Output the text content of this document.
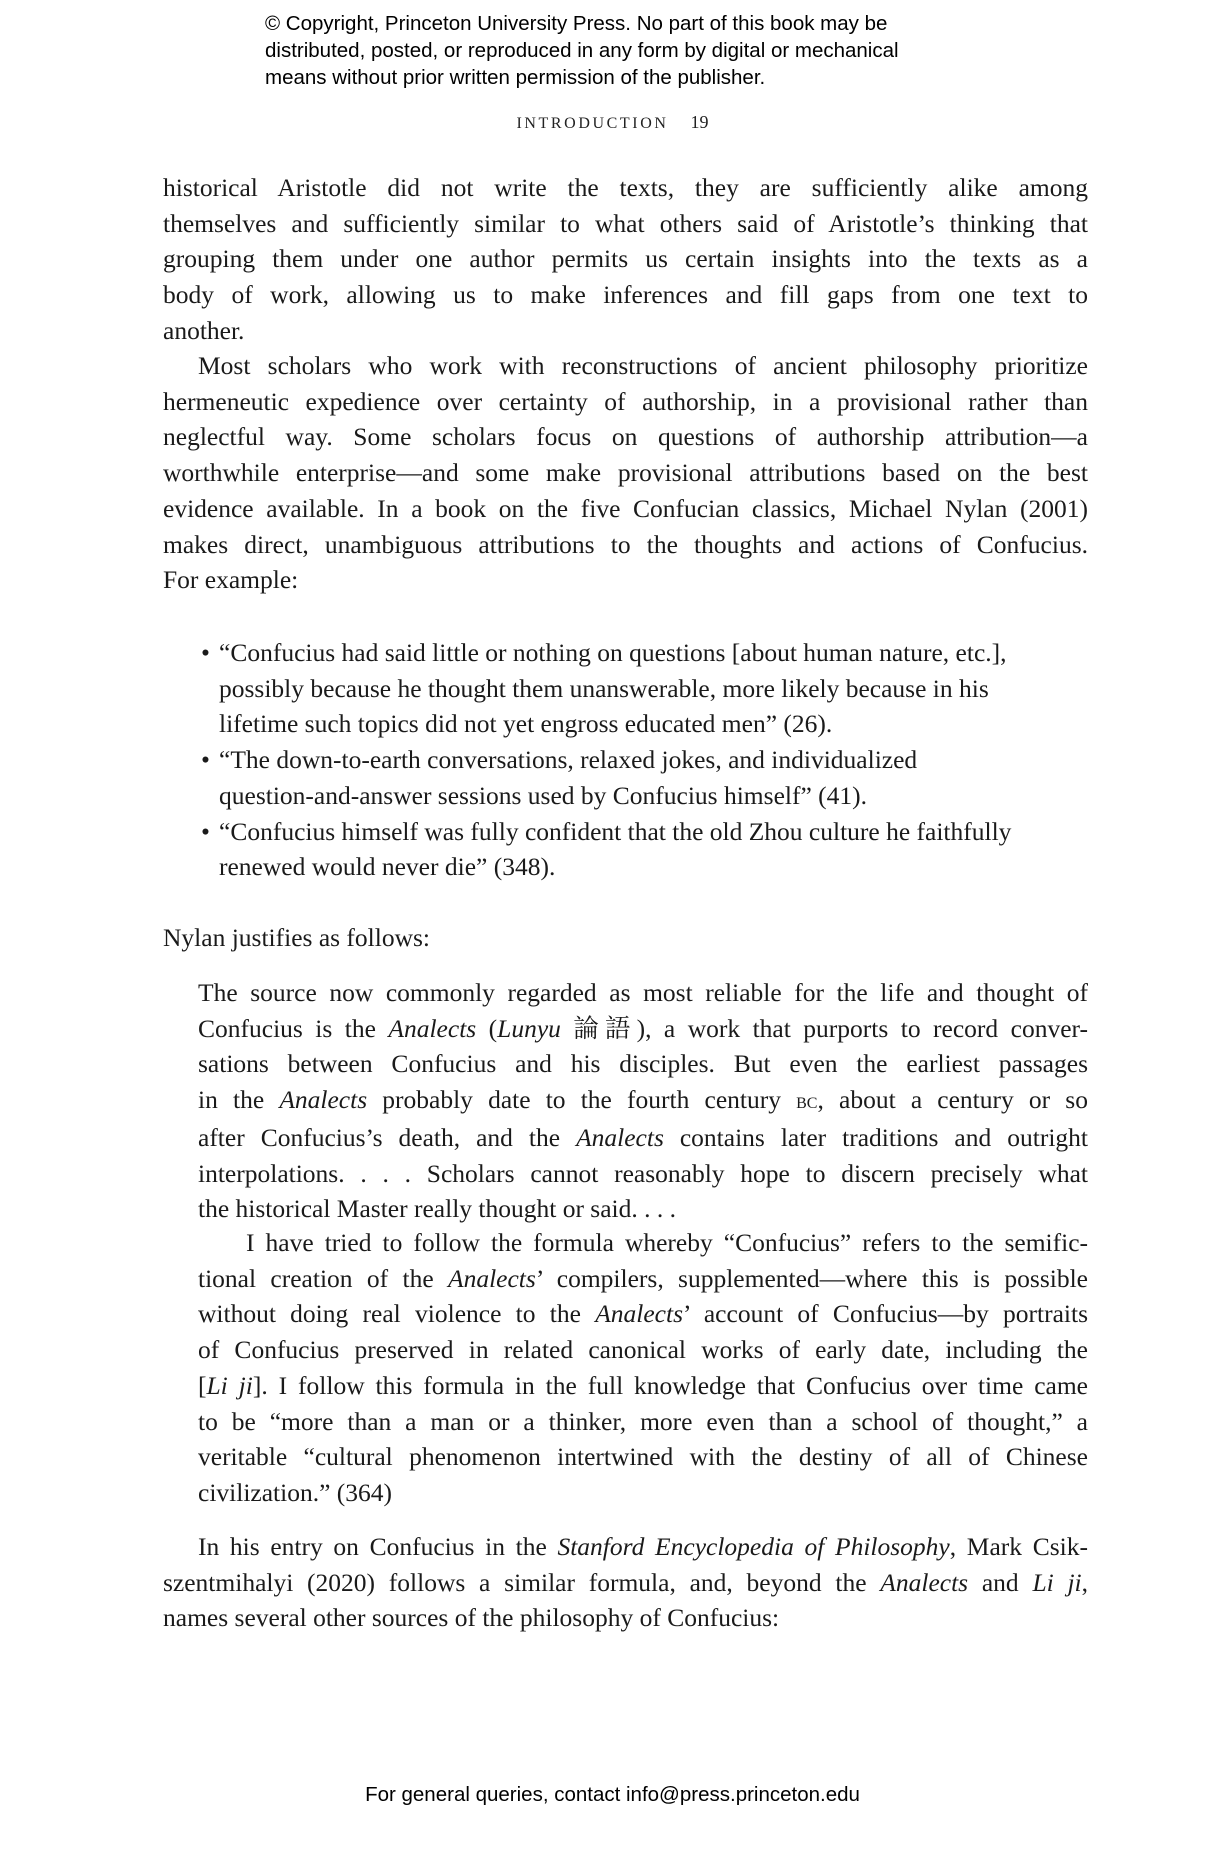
© Copyright, Princeton University Press. No part of this book may be
distributed, posted, or reproduced in any form by digital or mechanical
means without prior written permission of the publisher.
INTRODUCTION 19
historical Aristotle did not write the texts, they are sufficiently alike among
themselves and sufficiently similar to what others said of Aristotle’s thinking that
grouping them under one author permits us certain insights into the texts as a
body of work, allowing us to make inferences and fill gaps from one text to
another.
Most scholars who work with reconstructions of ancient philosophy prioritize
hermeneutic expedience over certainty of authorship, in a provisional rather than
neglectful way. Some scholars focus on questions of authorship attribution—a
worthwhile enterprise—and some make provisional attributions based on the best
evidence available. In a book on the five Confucian classics, Michael Nylan (2001)
makes direct, unambiguous attributions to the thoughts and actions of Confucius.
For example:
• “Confucius had said little or nothing on questions [about human nature, etc.],
possibly because he thought them unanswerable, more likely because in his
lifetime such topics did not yet engross educated men” (26).
• “The down-to-earth conversations, relaxed jokes, and individualized
question-and-answer sessions used by Confucius himself” (41).
• “Confucius himself was fully confident that the old Zhou culture he faithfully
renewed would never die” (348).
Nylan justifies as follows:
The source now commonly regarded as most reliable for the life and thought of
Confucius is the Analects (Lunyu 論語), a work that purports to record conver-
sations between Confucius and his disciples. But even the earliest passages
in the Analects probably date to the fourth century bc, about a century or so
after Confucius’s death, and the Analects contains later traditions and outright
interpolations. . . . Scholars cannot reasonably hope to discern precisely what
the historical Master really thought or said. . . .
I have tried to follow the formula whereby “Confucius” refers to the semific-
tional creation of the Analects’ compilers, supplemented—where this is possible
without doing real violence to the Analects’ account of Confucius—by portraits
of Confucius preserved in related canonical works of early date, including the
[Li ji]. I follow this formula in the full knowledge that Confucius over time came
to be “more than a man or a thinker, more even than a school of thought,” a
veritable “cultural phenomenon intertwined with the destiny of all of Chinese
civilization.” (364)
In his entry on Confucius in the Stanford Encyclopedia of Philosophy, Mark Csik-
szentmihalyi (2020) follows a similar formula, and, beyond the Analects and Li ji,
names several other sources of the philosophy of Confucius:
For general queries, contact info@press.princeton.edu
